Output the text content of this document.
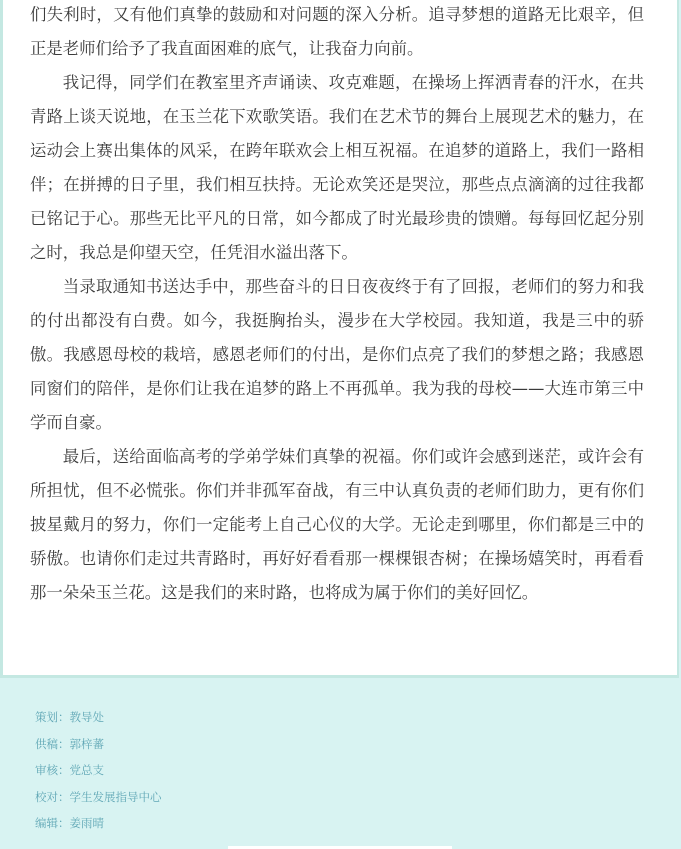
们失利时，又有他们真挚的鼓励和对问题的深入分析。追寻梦想的道路无比艰辛，但正是老师们给予了我直面困难的底气，让我奋力向前。

我记得，同学们在教室里齐声诵读、攻克难题，在操场上挥洒青春的汗水，在共青路上谈天说地，在玉兰花下欢歌笑语。我们在艺术节的舞台上展现艺术的魅力，在运动会上赛出集体的风采，在跨年联欢会上相互祝福。在追梦的道路上，我们一路相伴；在拼搏的日子里，我们相互扶持。无论欢笑还是哭泣，那些点点滴滴的过往我都已铭记于心。那些无比平凡的日常，如今都成了时光最珍贵的馈赠。每每回忆起分别之时，我总是仰望天空，任凭泪水溢出落下。

当录取通知书送达手中，那些奋斗的日日夜夜终于有了回报，老师们的努力和我的付出都没有白费。如今，我挺胸抬头，漫步在大学校园。我知道，我是三中的骄傲。我感恩母校的栽培，感恩老师们的付出，是你们点亮了我们的梦想之路；我感恩同窗们的陪伴，是你们让我在追梦的路上不再孤单。我为我的母校——大连市第三中学而自豪。

最后，送给面临高考的学弟学妹们真挚的祝福。你们或许会感到迷茫，或许会有所担忧，但不必慌张。你们并非孤军奋战，有三中认真负责的老师们助力，更有你们披星戴月的努力，你们一定能考上自己心仪的大学。无论走到哪里，你们都是三中的骄傲。也请你们走过共青路时，再好好看看那一棵棵银杏树；在操场嬉笑时，再看看那一朵朵玉兰花。这是我们的来时路，也将成为属于你们的美好回忆。

策划：教导处
供稿：郭梓蕃
审核：党总支
校对：学生发展指导中心
编辑：姜雨晴
